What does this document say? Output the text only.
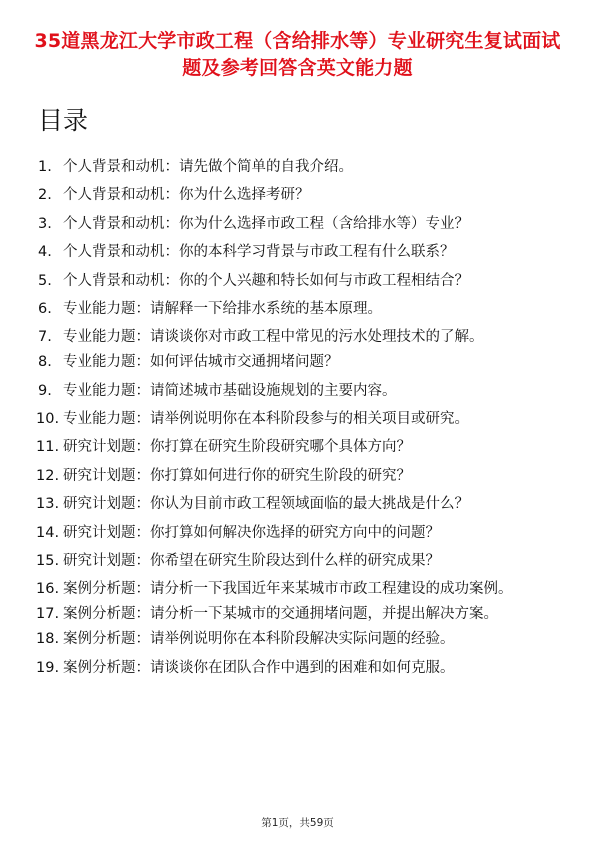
35道黑龙江大学市政工程（含给排水等）专业研究生复试面试题及参考回答含英文能力题
目录
1. 个人背景和动机：请先做个简单的自我介绍。
2. 个人背景和动机：你为什么选择考研？
3. 个人背景和动机：你为什么选择市政工程（含给排水等）专业？
4. 个人背景和动机：你的本科学习背景与市政工程有什么联系？
5. 个人背景和动机：你的个人兴趣和特长如何与市政工程相结合？
6. 专业能力题：请解释一下给排水系统的基本原理。
7. 专业能力题：请谈谈你对市政工程中常见的污水处理技术的了解。
8. 专业能力题：如何评估城市交通拥堵问题？
9. 专业能力题：请简述城市基础设施规划的主要内容。
10. 专业能力题：请举例说明你在本科阶段参与的相关项目或研究。
11. 研究计划题：你打算在研究生阶段研究哪个具体方向？
12. 研究计划题：你打算如何进行你的研究生阶段的研究？
13. 研究计划题：你认为目前市政工程领域面临的最大挑战是什么？
14. 研究计划题：你打算如何解决你选择的研究方向中的问题？
15. 研究计划题：你希望在研究生阶段达到什么样的研究成果？
16. 案例分析题：请分析一下我国近年来某城市市政工程建设的成功案例。
17. 案例分析题：请分析一下某城市的交通拥堵问题，并提出解决方案。
18. 案例分析题：请举例说明你在本科阶段解决实际问题的经验。
19. 案例分析题：请谈谈你在团队合作中遇到的困难和如何克服。
第1页，共59页
